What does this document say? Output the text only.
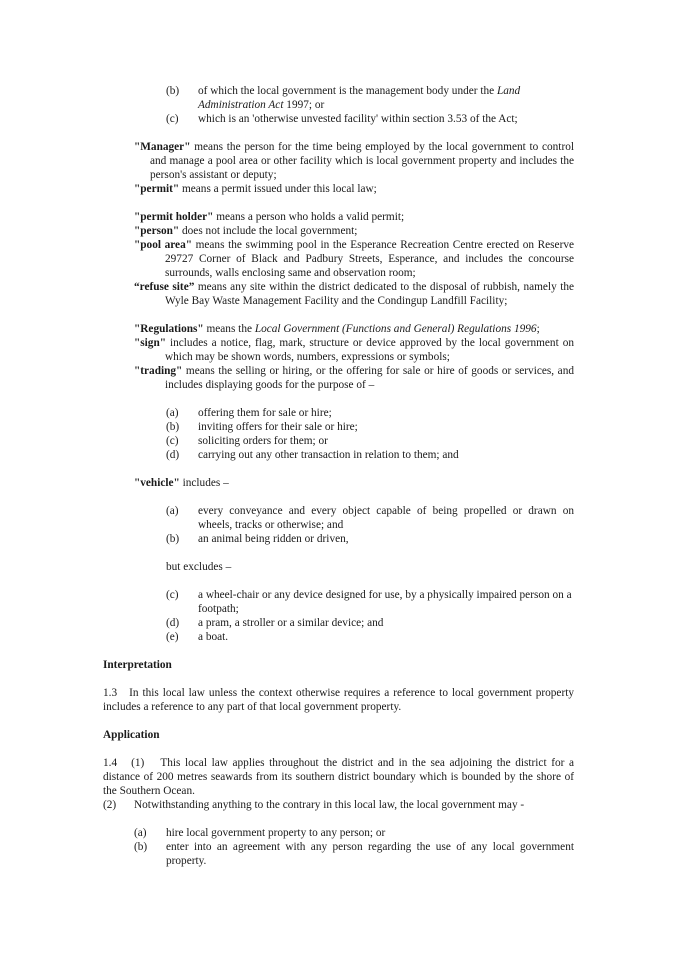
(b) of which the local government is the management body under the Land Administration Act 1997; or
(c) which is an 'otherwise unvested facility' within section 3.53 of the Act;
"Manager" means the person for the time being employed by the local government to control and manage a pool area or other facility which is local government property and includes the person's assistant or deputy;
"permit" means a permit issued under this local law;
"permit holder" means a person who holds a valid permit;
"person" does not include the local government;
"pool area" means the swimming pool in the Esperance Recreation Centre erected on Reserve 29727 Corner of Black and Padbury Streets, Esperance, and includes the concourse surrounds, walls enclosing same and observation room;
“refuse site” means any site within the district dedicated to the disposal of rubbish, namely the Wyle Bay Waste Management Facility and the Condingup Landfill Facility;
"Regulations" means the Local Government (Functions and General) Regulations 1996;
"sign" includes a notice, flag, mark, structure or device approved by the local government on which may be shown words, numbers, expressions or symbols;
"trading" means the selling or hiring, or the offering for sale or hire of goods or services, and includes displaying goods for the purpose of –
(a) offering them for sale or hire;
(b) inviting offers for their sale or hire;
(c) soliciting orders for them; or
(d) carrying out any other transaction in relation to them; and
"vehicle" includes –
(a) every conveyance and every object capable of being propelled or drawn on wheels, tracks or otherwise; and
(b) an animal being ridden or driven,
but excludes –
(c) a wheel-chair or any device designed for use, by a physically impaired person on a footpath;
(d) a pram, a stroller or a similar device; and
(e) a boat.
Interpretation
1.3 In this local law unless the context otherwise requires a reference to local government property includes a reference to any part of that local government property.
Application
1.4 (1) This local law applies throughout the district and in the sea adjoining the district for a distance of 200 metres seawards from its southern district boundary which is bounded by the shore of the Southern Ocean.
(2) Notwithstanding anything to the contrary in this local law, the local government may -
(a) hire local government property to any person; or
(b) enter into an agreement with any person regarding the use of any local government property.
